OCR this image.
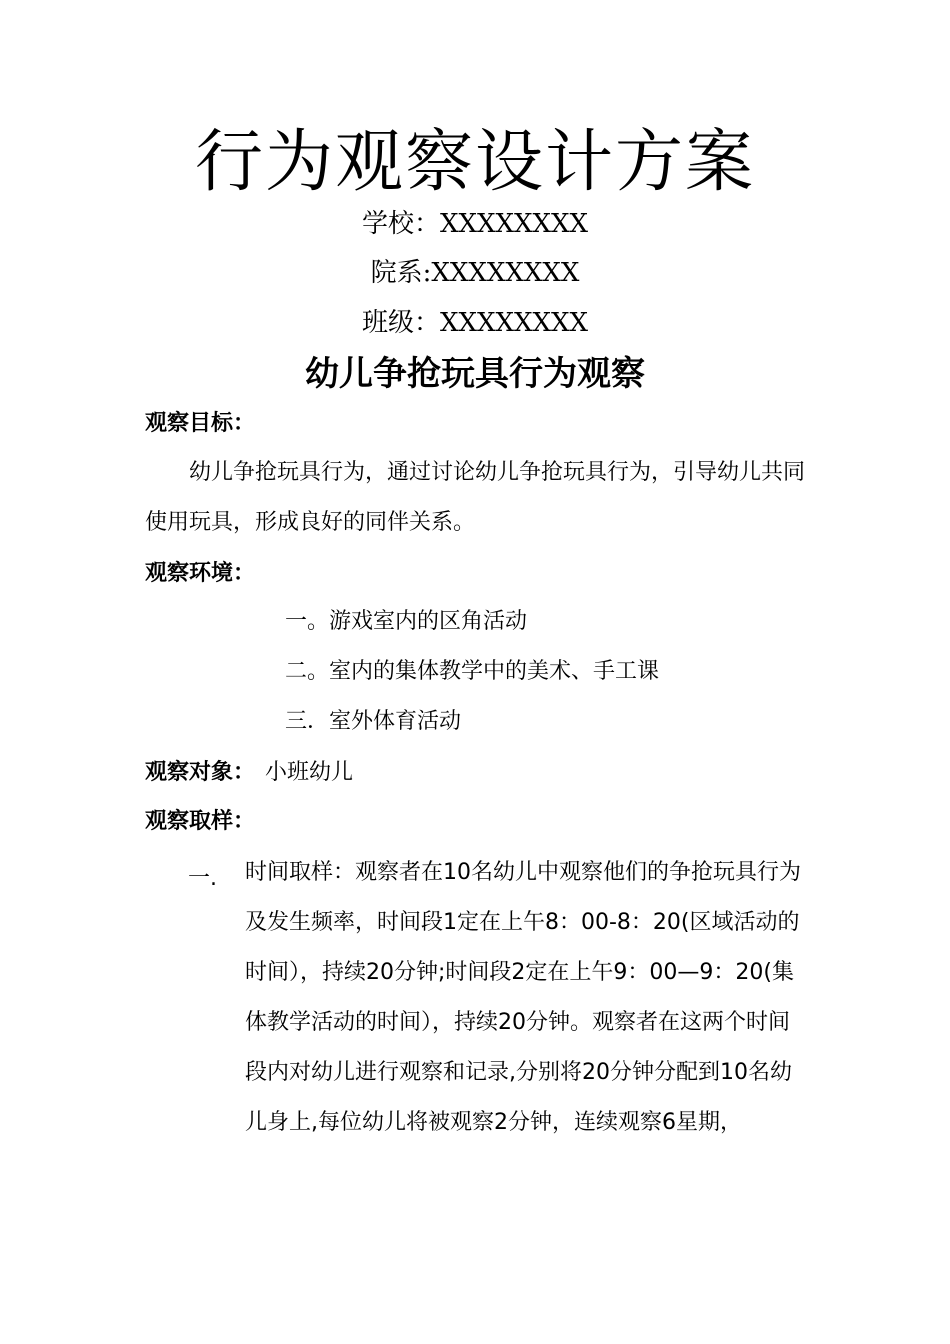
行为观察设计方案

学校：XXXXXXXX

院系:XXXXXXXX

班级：XXXXXXXX

幼儿争抢玩具行为观察
观察目标：

幼儿争抢玩具行为，通过讨论幼儿争抢玩具行为，引导幼儿共同使用玩具，形成良好的同伴关系。

观察环境：

一。游戏室内的区角活动

二。室内的集体教学中的美术、手工课

三．室外体育活动

观察对象： 小班幼儿
观察取样：
一. 时间取样：观察者在10名幼儿中观察他们的争抢玩具行为及发生频率，时间段1定在上午8：00-8：20(区域活动的时间），持续20分钟;时间段2定在上午9：00—9：20(集体教学活动的时间），持续20分钟。观察者在这两个时间段内对幼儿进行观察和记录,分别将20分钟分配到10名幼儿身上,每位幼儿将被观察2分钟，连续观察6星期，
